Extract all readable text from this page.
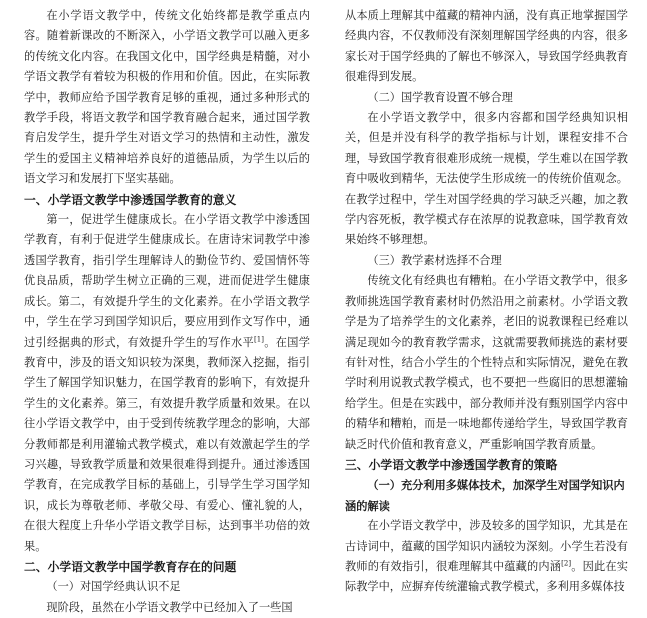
在小学语文教学中，传统文化始终都是教学重点内容。随着新课改的不断深入，小学语文教学可以融入更多的传统文化内容。在我国文化中，国学经典是精髓，对小学语文教学有着较为积极的作用和价值。因此，在实际教学中，教师应给予国学教育足够的重视，通过多种形式的教学手段，将语文教学和国学教育融合起来，通过国学教育启发学生，提升学生对语文学习的热情和主动性，激发学生的爱国主义精神培养良好的道德品质，为学生以后的语文学习和发展打下坚实基础。

一、小学语文教学中渗透国学教育的意义

第一，促进学生健康成长。在小学语文教学中渗透国学教育，有利于促进学生健康成长。在唐诗宋词教学中渗透国学教育，指引学生理解诗人的勤俭节约、爱国情怀等优良品质，帮助学生树立正确的三观，进而促进学生健康成长。第二，有效提升学生的文化素养。在小学语文教学中，学生在学习到国学知识后，要应用到作文写作中，通过引经据典的形式，有效提升学生的写作水平[1]。在国学教育中，涉及的语文知识较为深奥，教师深入挖掘，指引学生了解国学知识魅力，在国学教育的影响下，有效提升学生的文化素养。第三，有效提升教学质量和效果。在以往小学语文教学中，由于受到传统教学理念的影响，大部分教师都是利用灌输式教学模式，难以有效激起学生的学习兴趣，导致教学质量和效果很难得到提升。通过渗透国学教育，在完成教学目标的基础上，引导学生学习国学知识，成长为尊敬老师、孝敬父母、有爱心、懂礼貌的人，在很大程度上升华小学语文教学目标，达到事半功倍的效果。

二、小学语文教学中国学教育存在的问题
（一）对国学经典认识不足

现阶段，虽然在小学语文教学中已经加入了一些国

从本质上理解其中蕴藏的精神内涵，没有真正地掌握国学经典内容，不仅教师没有深刻理解国学经典的内容，很多家长对于国学经典的了解也不够深入，导致国学经典教育很难得到发展。

（二）国学教育设置不够合理

在小学语文教学中，很多内容都和国学经典知识相关，但是并没有科学的教学指标与计划，课程安排不合理，导致国学教育很难形成统一规模，学生难以在国学教育中吸收到精华，无法使学生形成统一的传统价值观念。在教学过程中，学生对国学经典的学习缺乏兴趣，加之教学内容死板，教学模式存在浓厚的说教意味，国学教育效果始终不够理想。

（三）教学素材选择不合理

传统文化有经典也有糟粕。在小学语文教学中，很多教师挑选国学教育素材时仍然沿用之前素材。小学语文教学是为了培养学生的文化素养，老旧的说教课程已经难以满足现如今的教育教学需求，这就需要教师挑选的素材要有针对性，结合小学生的个性特点和实际情况，避免在教学时利用说教式教学模式，也不要把一些腐旧的思想灌输给学生。但是在实践中，部分教师并没有甄别国学内容中的精华和糟粕，而是一味地都传递给学生，导致国学教育缺乏时代价值和教育意义，严重影响国学教育质量。

三、小学语文教学中渗透国学教育的策略
（一）充分利用多媒体技术，加深学生对国学知识内
涵的解读

在小学语文教学中，涉及较多的国学知识，尤其是在古诗词中，蕴藏的国学知识内涵较为深刻。小学生若没有教师的有效指引，很难理解其中蕴藏的内涵[2]。因此在实际教学中，应摒弃传统灌输式教学模式，多利用多媒体技
